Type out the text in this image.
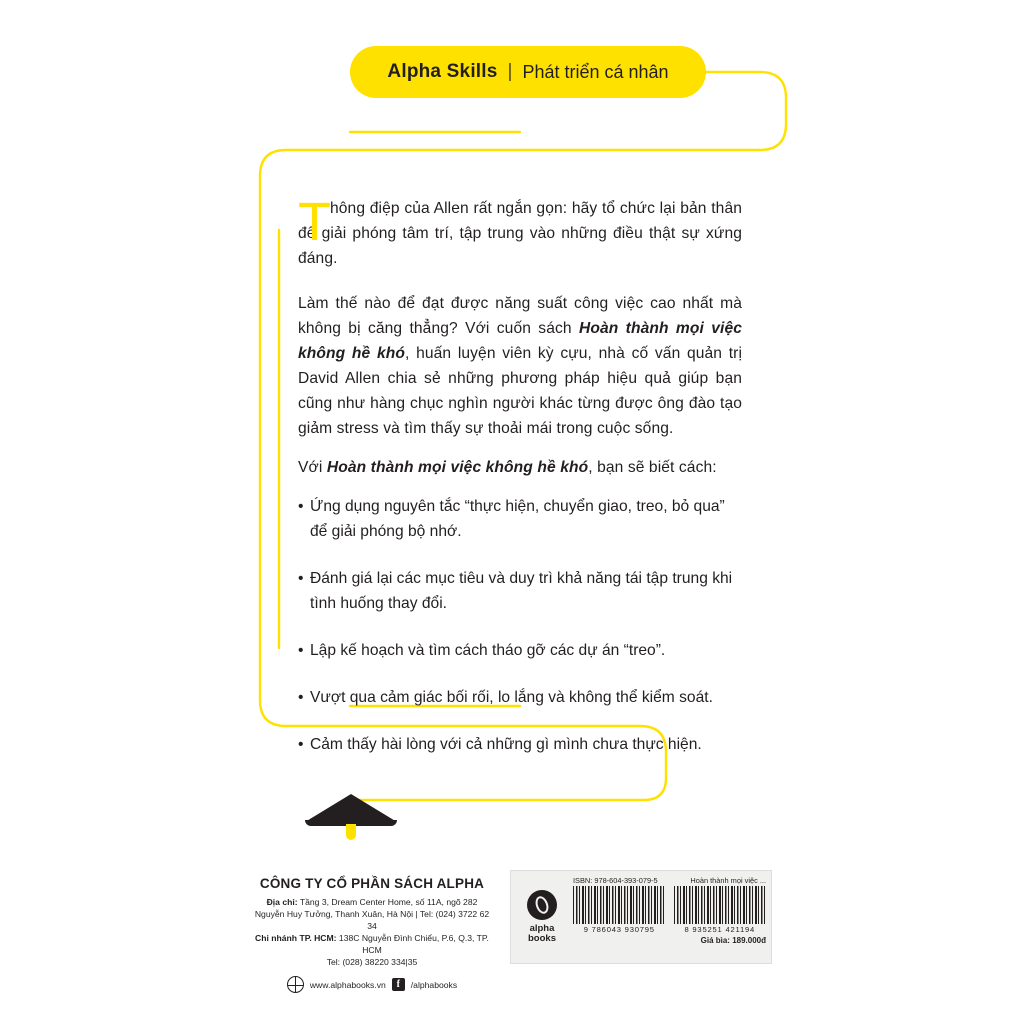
Alpha Skills | Phát triển cá nhân
T
hông điệp của Allen rất ngắn gọn: hãy tổ chức lại bản thân để giải phóng tâm trí, tập trung vào những điều thật sự xứng đáng.

Làm thế nào để đạt được năng suất công việc cao nhất mà không bị căng thẳng? Với cuốn sách Hoàn thành mọi việc không hề khó, huấn luyện viên kỳ cựu, nhà cố vấn quản trị David Allen chia sẻ những phương pháp hiệu quả giúp bạn cũng như hàng chục nghìn người khác từng được ông đào tạo giảm stress và tìm thấy sự thoải mái trong cuộc sống.

Với Hoàn thành mọi việc không hề khó, bạn sẽ biết cách:

• Ứng dụng nguyên tắc “thực hiện, chuyển giao, treo, bỏ qua” để giải phóng bộ nhớ.
• Đánh giá lại các mục tiêu và duy trì khả năng tái tập trung khi tình huống thay đổi.
• Lập kế hoạch và tìm cách tháo gỡ các dự án “treo”.
• Vượt qua cảm giác bối rối, lo lắng và không thể kiểm soát.
• Cảm thấy hài lòng với cả những gì mình chưa thực hiện.
CÔNG TY CỔ PHẦN SÁCH ALPHA
Địa chỉ: Tầng 3, Dream Center Home, số 11A, ngõ 282
Nguyễn Huy Tưởng, Thanh Xuân, Hà Nội | Tel: (024) 3722 62 34
Chi nhánh TP. HCM: 138C Nguyễn Đình Chiểu, P.6, Q.3, TP. HCM
Tel: (028) 38220 334|35
www.alphabooks.vn	f	/alphabooks
alpha
books
ISBN: 978-604-393-079-5	Hoàn thành mọi việc ...
9 786043 930795	8 935251 421194
Giá bìa: 189.000đ
